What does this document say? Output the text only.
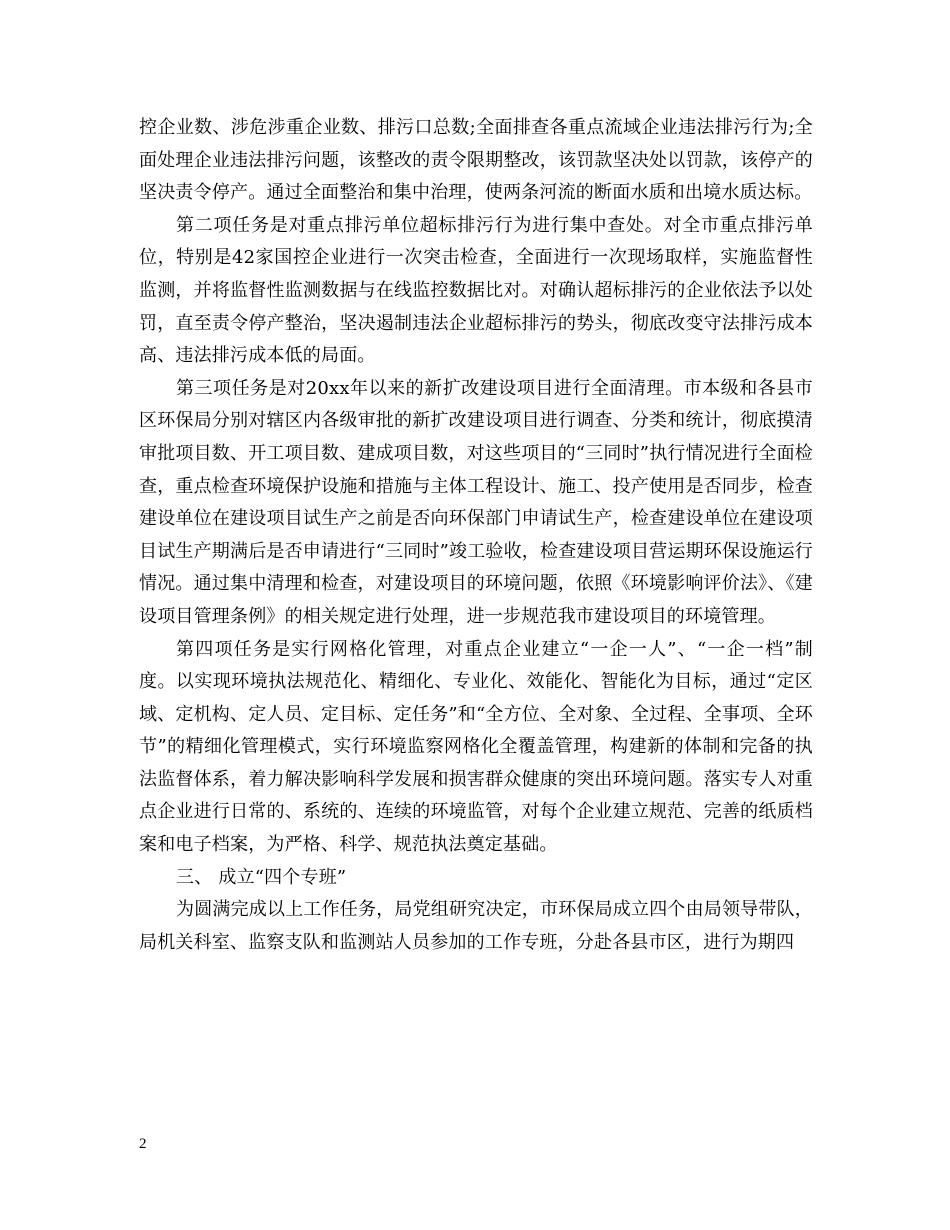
控企业数、涉危涉重企业数、排污口总数;全面排查各重点流域企业违法排污行为;全面处理企业违法排污问题，该整改的责令限期整改，该罚款坚决处以罚款，该停产的坚决责令停产。通过全面整治和集中治理，使两条河流的断面水质和出境水质达标。

第二项任务是对重点排污单位超标排污行为进行集中查处。对全市重点排污单位，特别是42家国控企业进行一次突击检查，全面进行一次现场取样，实施监督性监测，并将监督性监测数据与在线监控数据比对。对确认超标排污的企业依法予以处罚，直至责令停产整治，坚决遏制违法企业超标排污的势头，彻底改变守法排污成本高、违法排污成本低的局面。

第三项任务是对20xx年以来的新扩改建设项目进行全面清理。市本级和各县市区环保局分别对辖区内各级审批的新扩改建设项目进行调查、分类和统计，彻底摸清审批项目数、开工项目数、建成项目数，对这些项目的“三同时”执行情况进行全面检查，重点检查环境保护设施和措施与主体工程设计、施工、投产使用是否同步，检查建设单位在建设项目试生产之前是否向环保部门申请试生产，检查建设单位在建设项目试生产期满后是否申请进行“三同时”竣工验收，检查建设项目营运期环保设施运行情况。通过集中清理和检查，对建设项目的环境问题，依照《环境影响评价法》、《建设项目管理条例》的相关规定进行处理，进一步规范我市建设项目的环境管理。

第四项任务是实行网格化管理，对重点企业建立“一企一人”、“一企一档”制度。以实现环境执法规范化、精细化、专业化、效能化、智能化为目标，通过“定区域、定机构、定人员、定目标、定任务”和“全方位、全对象、全过程、全事项、全环节”的精细化管理模式，实行环境监察网格化全覆盖管理，构建新的体制和完备的执法监督体系，着力解决影响科学发展和损害群众健康的突出环境问题。落实专人对重点企业进行日常的、系统的、连续的环境监管，对每个企业建立规范、完善的纸质档案和电子档案，为严格、科学、规范执法奠定基础。

三、 成立“四个专班”

为圆满完成以上工作任务，局党组研究决定，市环保局成立四个由局领导带队，局机关科室、监察支队和监测站人员参加的工作专班，分赴各县市区，进行为期四

2
